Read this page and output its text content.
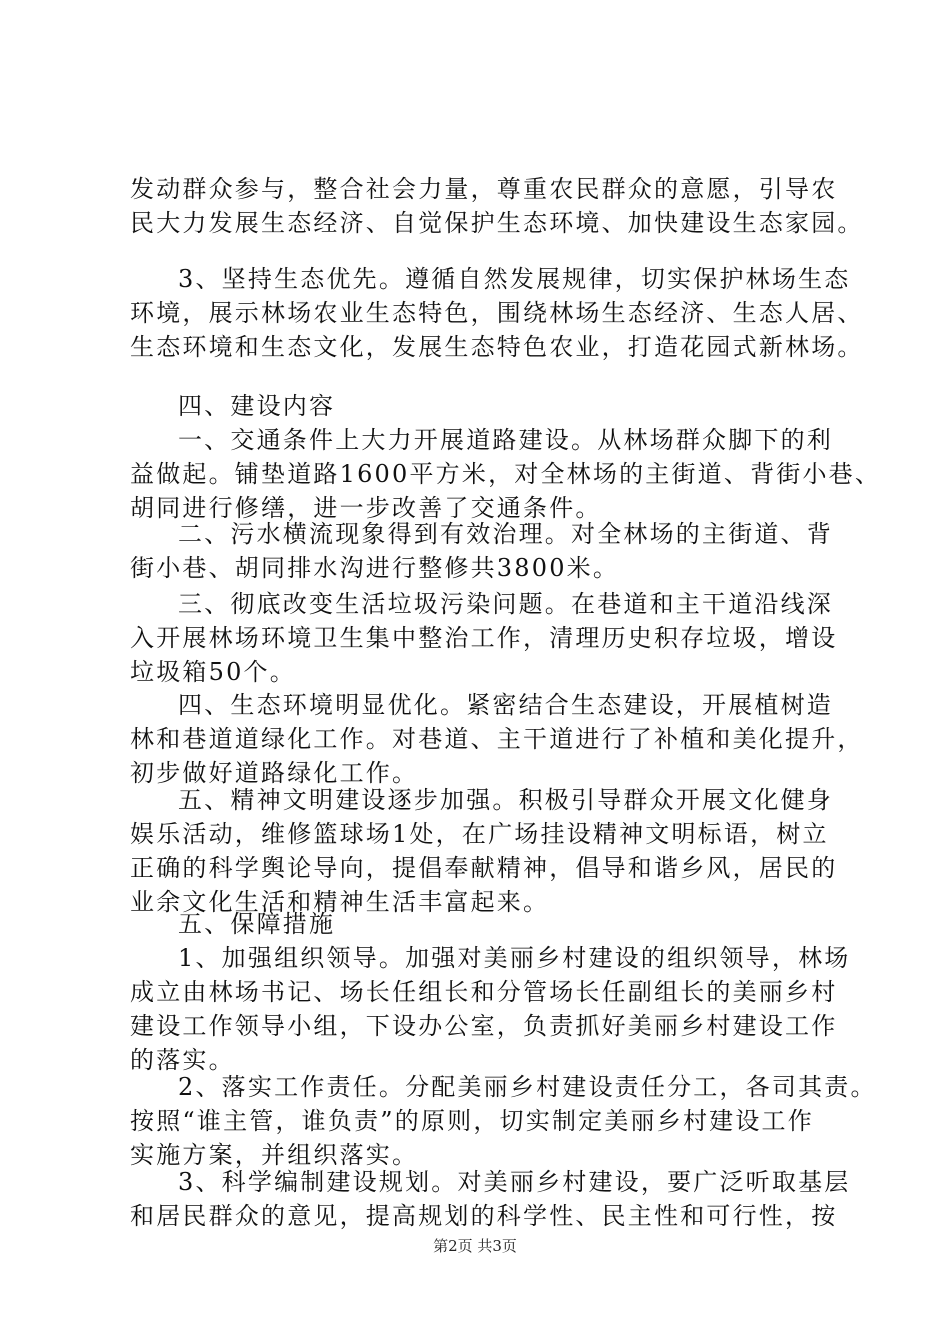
发动群众参与，整合社会力量，尊重农民群众的意愿，引导农
民大力发展生态经济、自觉保护生态环境、加快建设生态家园。
3、坚持生态优先。遵循自然发展规律，切实保护林场生态
环境，展示林场农业生态特色，围绕林场生态经济、生态人居、
生态环境和生态文化，发展生态特色农业，打造花园式新林场。
四、建设内容
一、交通条件上大力开展道路建设。从林场群众脚下的利
益做起。铺垫道路1600平方米，对全林场的主街道、背街小巷、
胡同进行修缮，进一步改善了交通条件。
二、污水横流现象得到有效治理。对全林场的主街道、背
街小巷、胡同排水沟进行整修共3800米。
三、彻底改变生活垃圾污染问题。在巷道和主干道沿线深
入开展林场环境卫生集中整治工作，清理历史积存垃圾，增设
垃圾箱50个。
四、生态环境明显优化。紧密结合生态建设，开展植树造
林和巷道道绿化工作。对巷道、主干道进行了补植和美化提升，
初步做好道路绿化工作。
五、精神文明建设逐步加强。积极引导群众开展文化健身
娱乐活动，维修篮球场1处，在广场挂设精神文明标语，树立
正确的科学舆论导向，提倡奉献精神，倡导和谐乡风，居民的
业余文化生活和精神生活丰富起来。
五、保障措施
1、加强组织领导。加强对美丽乡村建设的组织领导，林场
成立由林场书记、场长任组长和分管场长任副组长的美丽乡村
建设工作领导小组，下设办公室，负责抓好美丽乡村建设工作
的落实。
2、落实工作责任。分配美丽乡村建设责任分工，各司其责。
按照“谁主管，谁负责”的原则，切实制定美丽乡村建设工作
实施方案，并组织落实。
3、科学编制建设规划。对美丽乡村建设，要广泛听取基层
和居民群众的意见，提高规划的科学性、民主性和可行性，按
第2页 共3页
